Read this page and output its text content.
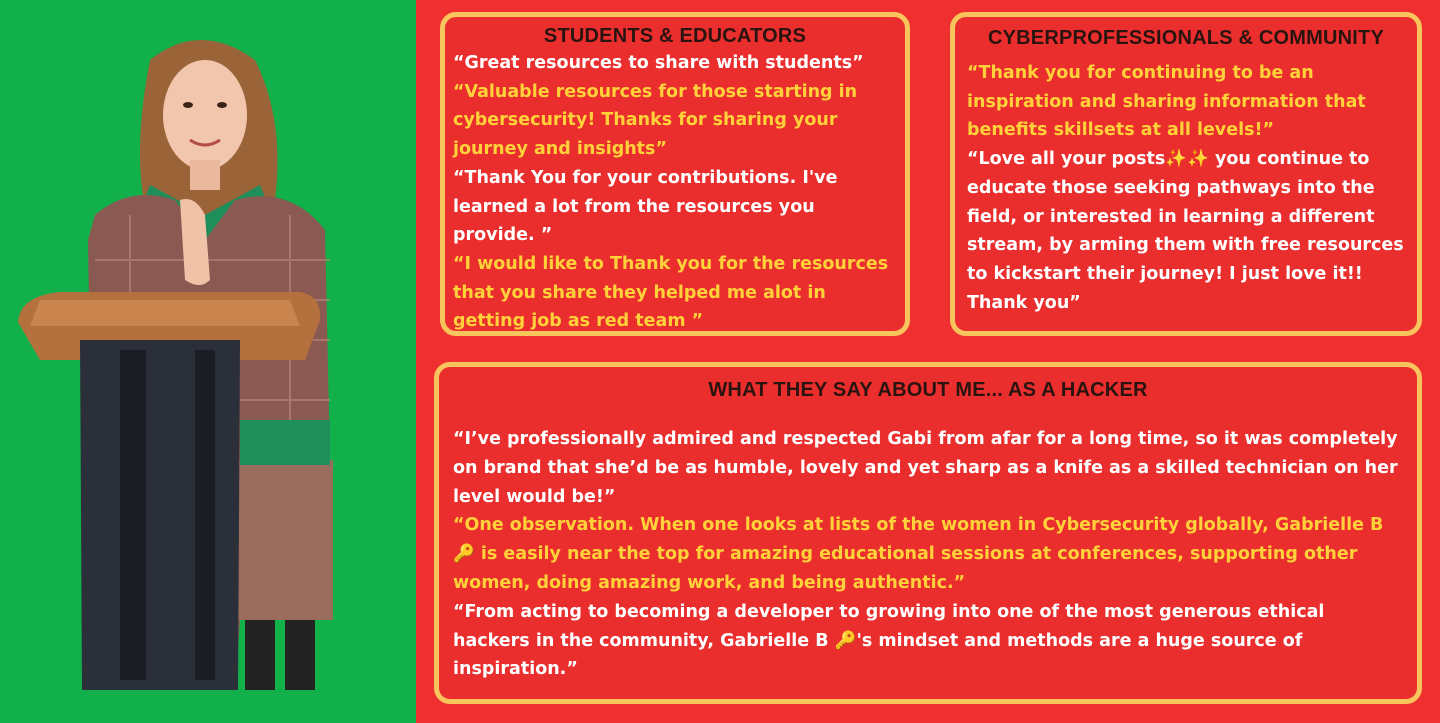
STUDENTS & EDUCATORS

“Great resources to share with students”

“Valuable resources for those starting in cybersecurity! Thanks for sharing your journey and insights”

“Thank You for your contributions. I've learned a lot from the resources you provide. ”

“I would like to Thank you for the resources that you share they helped me alot in getting job as red team ”

CYBERPROFESSIONALS & COMMUNITY

“Thank you for continuing to be an inspiration and sharing information that benefits skillsets at all levels!”

“Love all your posts✨✨ you continue to educate those seeking pathways into the field, or interested in learning a different stream, by arming them with free resources to kickstart their journey! I just love it!! Thank you”

WHAT THEY SAY ABOUT ME... AS A HACKER

“I’ve professionally admired and respected Gabi from afar for a long time, so it was completely on brand that she’d be as humble, lovely and yet sharp as a knife as a skilled technician on her level would be!”

“One observation. When one looks at lists of the women in Cybersecurity globally, Gabrielle B 🔑 is easily near the top for amazing educational sessions at conferences, supporting other women, doing amazing work, and being authentic.”

“From acting to becoming a developer to growing into one of the most generous ethical hackers in the community, Gabrielle B 🔑's mindset and methods are a huge source of inspiration.”
